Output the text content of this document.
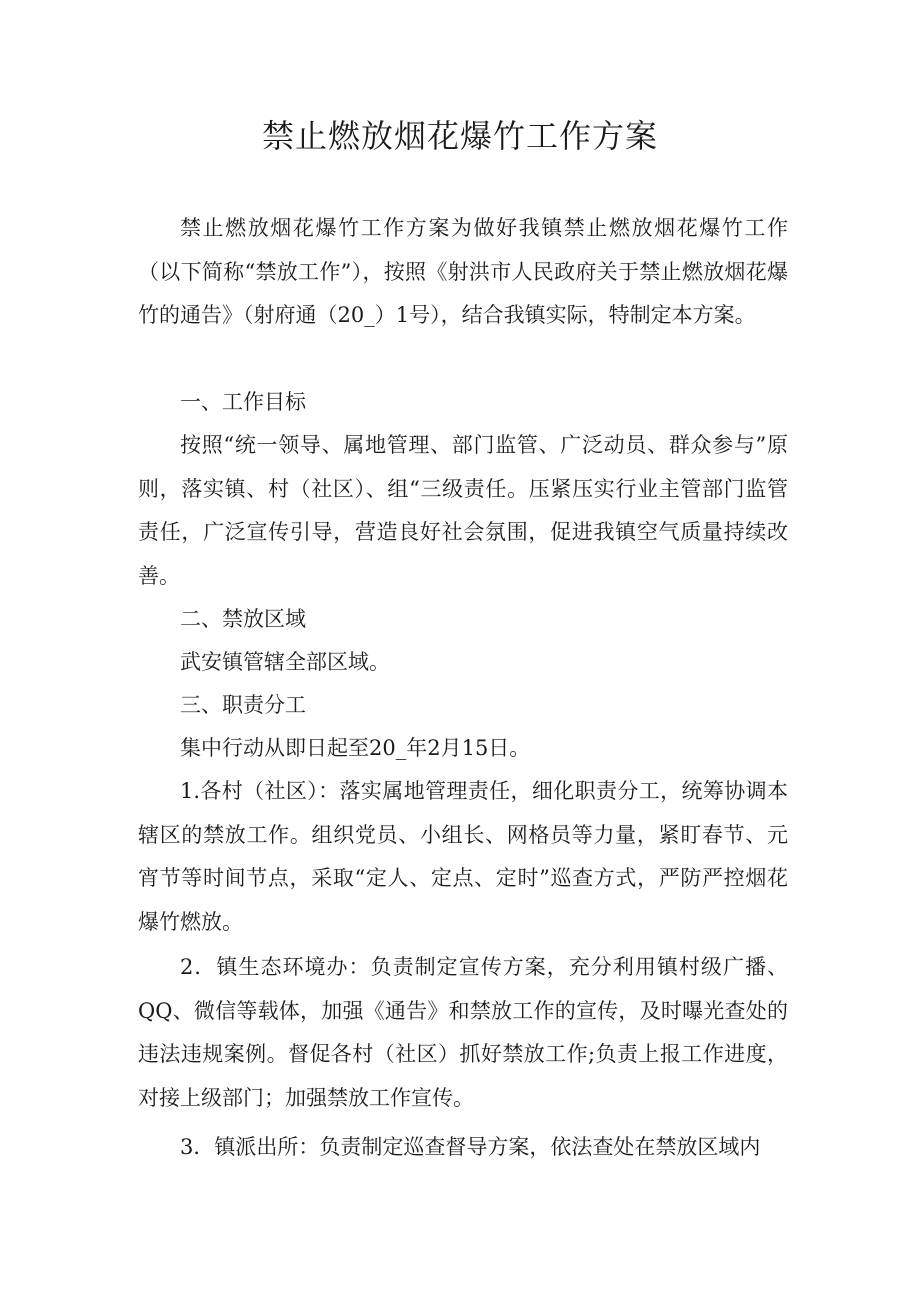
禁止燃放烟花爆竹工作方案

禁止燃放烟花爆竹工作方案为做好我镇禁止燃放烟花爆竹工作（以下简称“禁放工作”），按照《射洪市人民政府关于禁止燃放烟花爆竹的通告》（射府通（20_）1号），结合我镇实际，特制定本方案。

一、工作目标

按照“统一领导、属地管理、部门监管、广泛动员、群众参与”原则，落实镇、村（社区）、组“三级责任。压紧压实行业主管部门监管责任，广泛宣传引导，营造良好社会氛围，促进我镇空气质量持续改善。

二、禁放区域

武安镇管辖全部区域。

三、职责分工

集中行动从即日起至20_年2月15日。

1.各村（社区）：落实属地管理责任，细化职责分工，统筹协调本辖区的禁放工作。组织党员、小组长、网格员等力量，紧盯春节、元宵节等时间节点，采取“定人、定点、定时”巡查方式，严防严控烟花爆竹燃放。

2．镇生态环境办：负责制定宣传方案，充分利用镇村级广播、QQ、微信等载体，加强《通告》和禁放工作的宣传，及时曝光查处的违法违规案例。督促各村（社区）抓好禁放工作;负责上报工作进度，对接上级部门；加强禁放工作宣传。

3．镇派出所：负责制定巡查督导方案，依法查处在禁放区域内
